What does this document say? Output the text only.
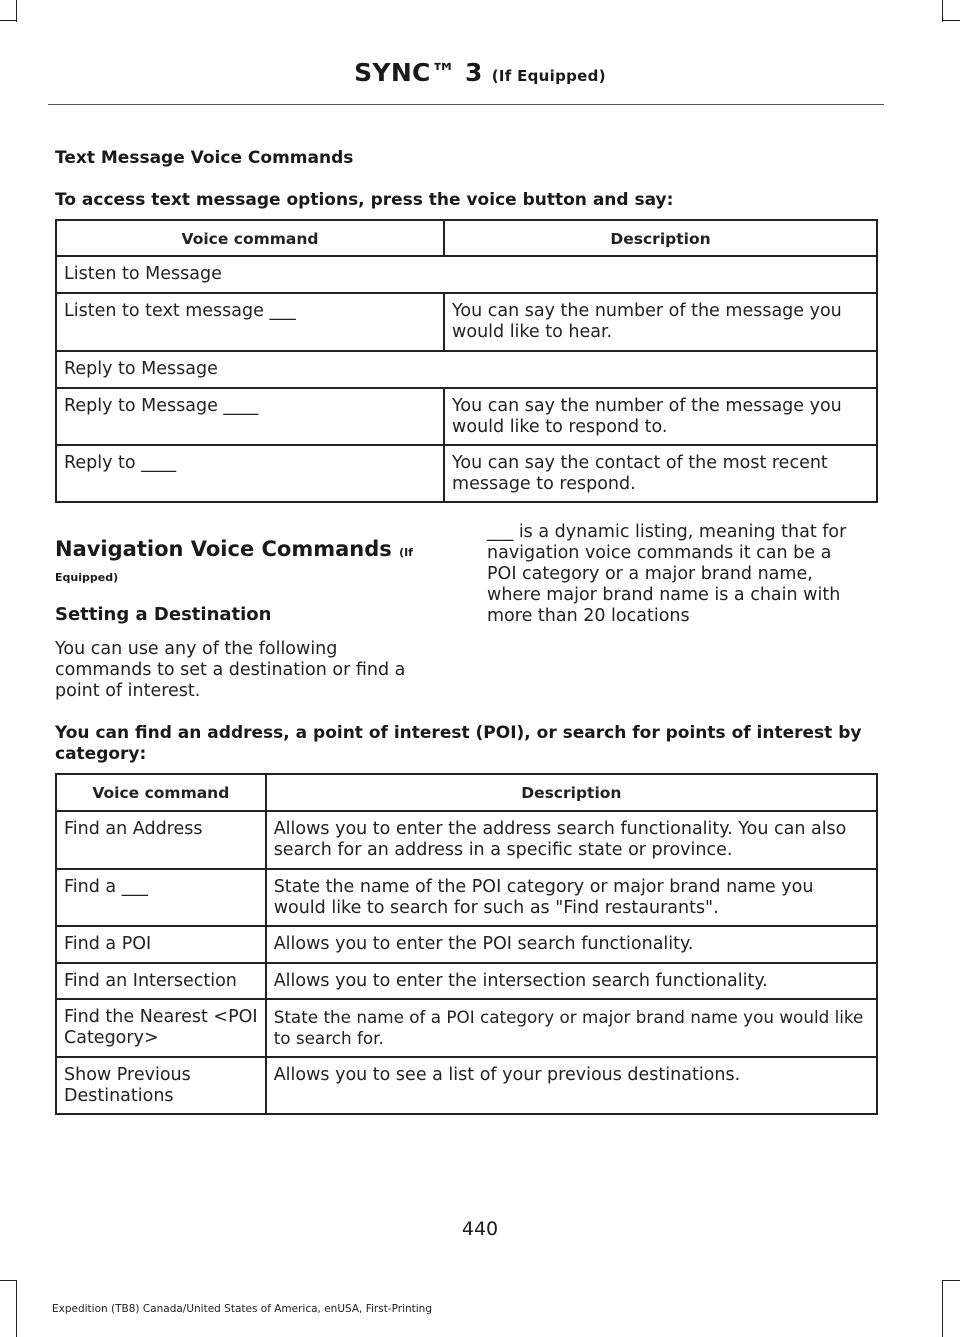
SYNC™ 3 (If Equipped)
Text Message Voice Commands
To access text message options, press the voice button and say:
Voice command	Description
Listen to Message	
Listen to text message ___	You can say the number of the message you would like to hear.
Reply to Message	
Reply to Message ____	You can say the number of the message you would like to respond to.
Reply to ____	You can say the contact of the most recent message to respond.
Navigation Voice Commands (If
Equipped)
Setting a Destination
You can use any of the following commands to set a destination or find a point of interest.
___ is a dynamic listing, meaning that for navigation voice commands it can be a POI category or a major brand name, where major brand name is a chain with more than 20 locations
You can find an address, a point of interest (POI), or search for points of interest by category:
Voice command	Description
Find an Address	Allows you to enter the address search functionality. You can also search for an address in a specific state or province.
Find a ___	State the name of the POI category or major brand name you would like to search for such as "Find restaurants".
Find a POI	Allows you to enter the POI search functionality.
Find an Intersection	Allows you to enter the intersection search functionality.
Find the Nearest <POI Category>	State the name of a POI category or major brand name you would like to search for.
Show Previous Destinations	Allows you to see a list of your previous destinations.
440
Expedition (TB8) Canada/United States of America, enUSA, First-Printing
